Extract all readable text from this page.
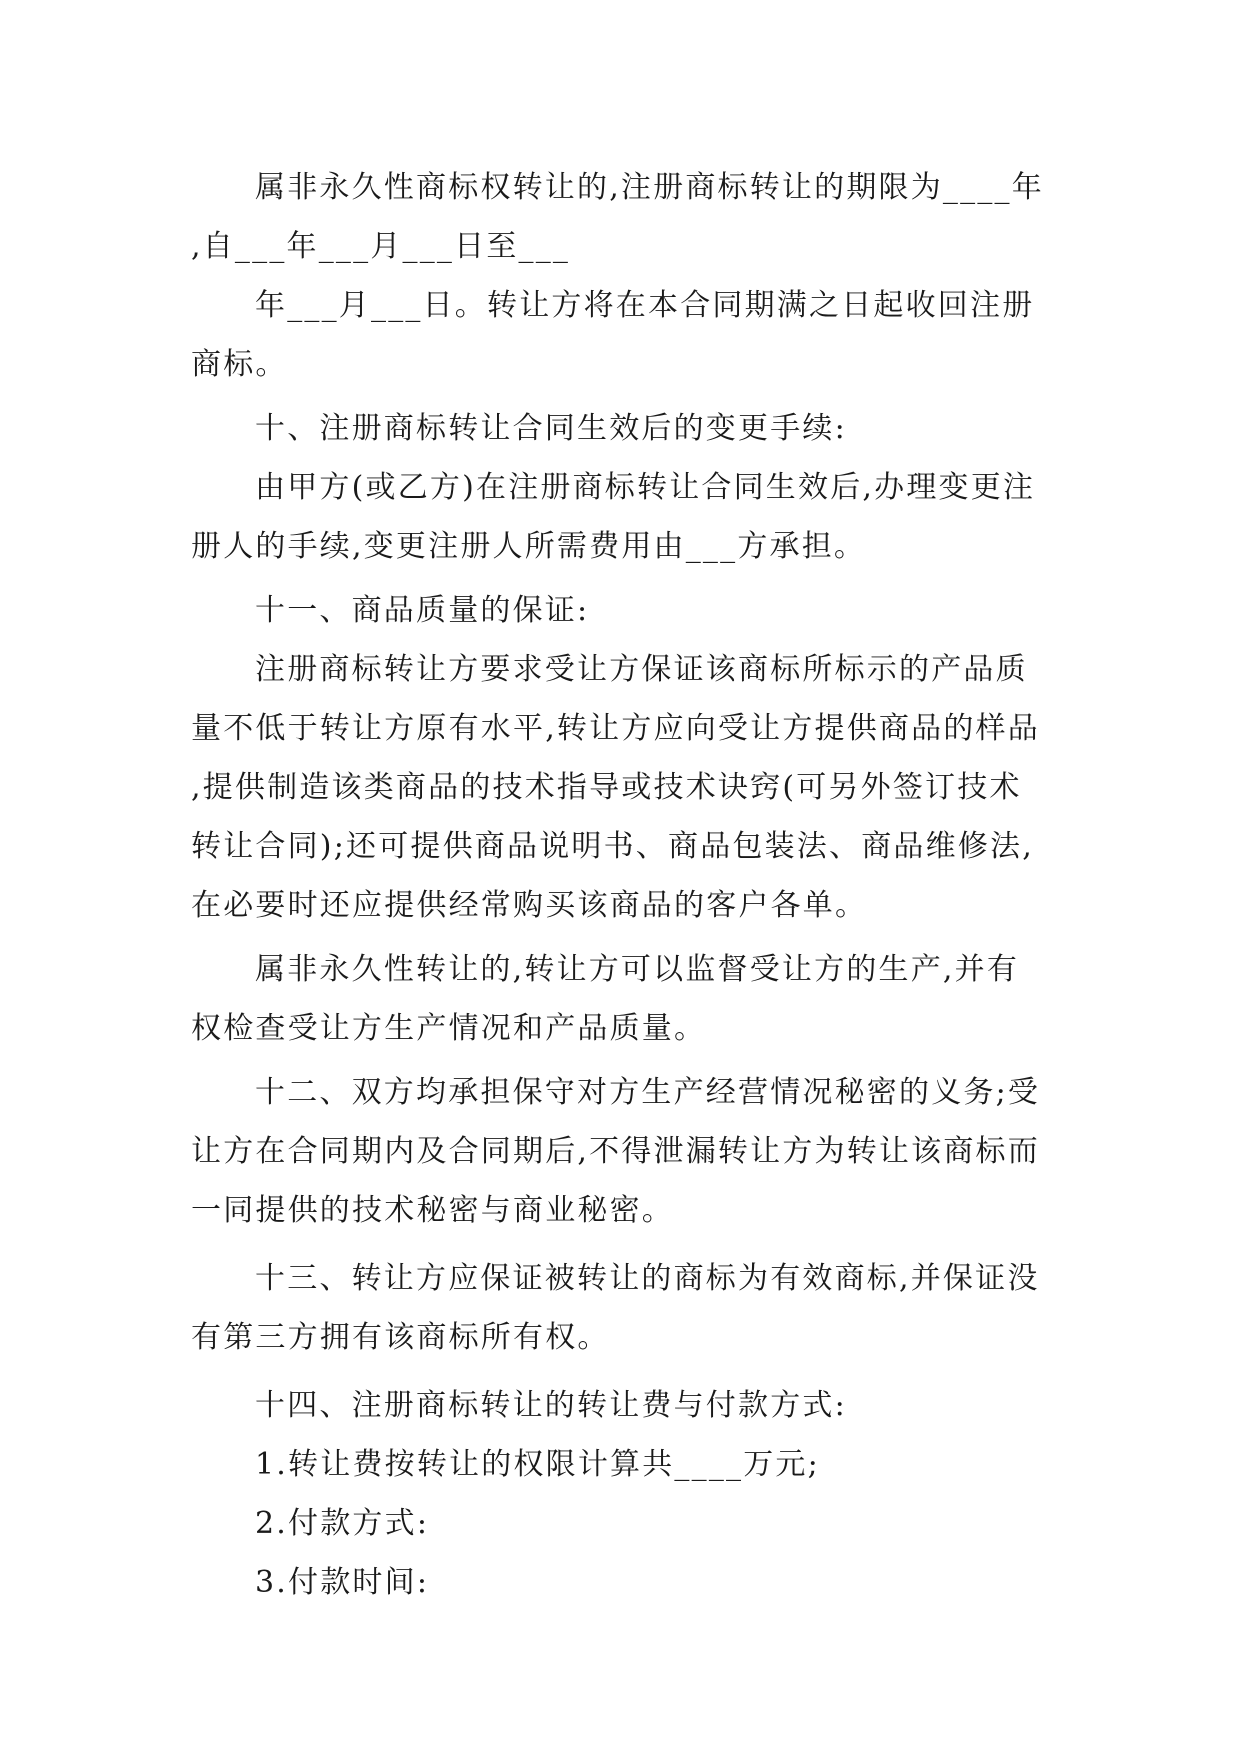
属非永久性商标权转让的,注册商标转让的期限为____年,自___年___月___日至___

年___月___日。转让方将在本合同期满之日起收回注册商标。

十、注册商标转让合同生效后的变更手续:

由甲方(或乙方)在注册商标转让合同生效后,办理变更注册人的手续,变更注册人所需费用由___方承担。

十一、商品质量的保证:

注册商标转让方要求受让方保证该商标所标示的产品质量不低于转让方原有水平,转让方应向受让方提供商品的样品,提供制造该类商品的技术指导或技术诀窍(可另外签订技术转让合同);还可提供商品说明书、商品包装法、商品维修法,在必要时还应提供经常购买该商品的客户各单。

属非永久性转让的,转让方可以监督受让方的生产,并有权检查受让方生产情况和产品质量。

十二、双方均承担保守对方生产经营情况秘密的义务;受让方在合同期内及合同期后,不得泄漏转让方为转让该商标而一同提供的技术秘密与商业秘密。

十三、转让方应保证被转让的商标为有效商标,并保证没有第三方拥有该商标所有权。

十四、注册商标转让的转让费与付款方式:

1.转让费按转让的权限计算共____万元;

2.付款方式:

3.付款时间:
